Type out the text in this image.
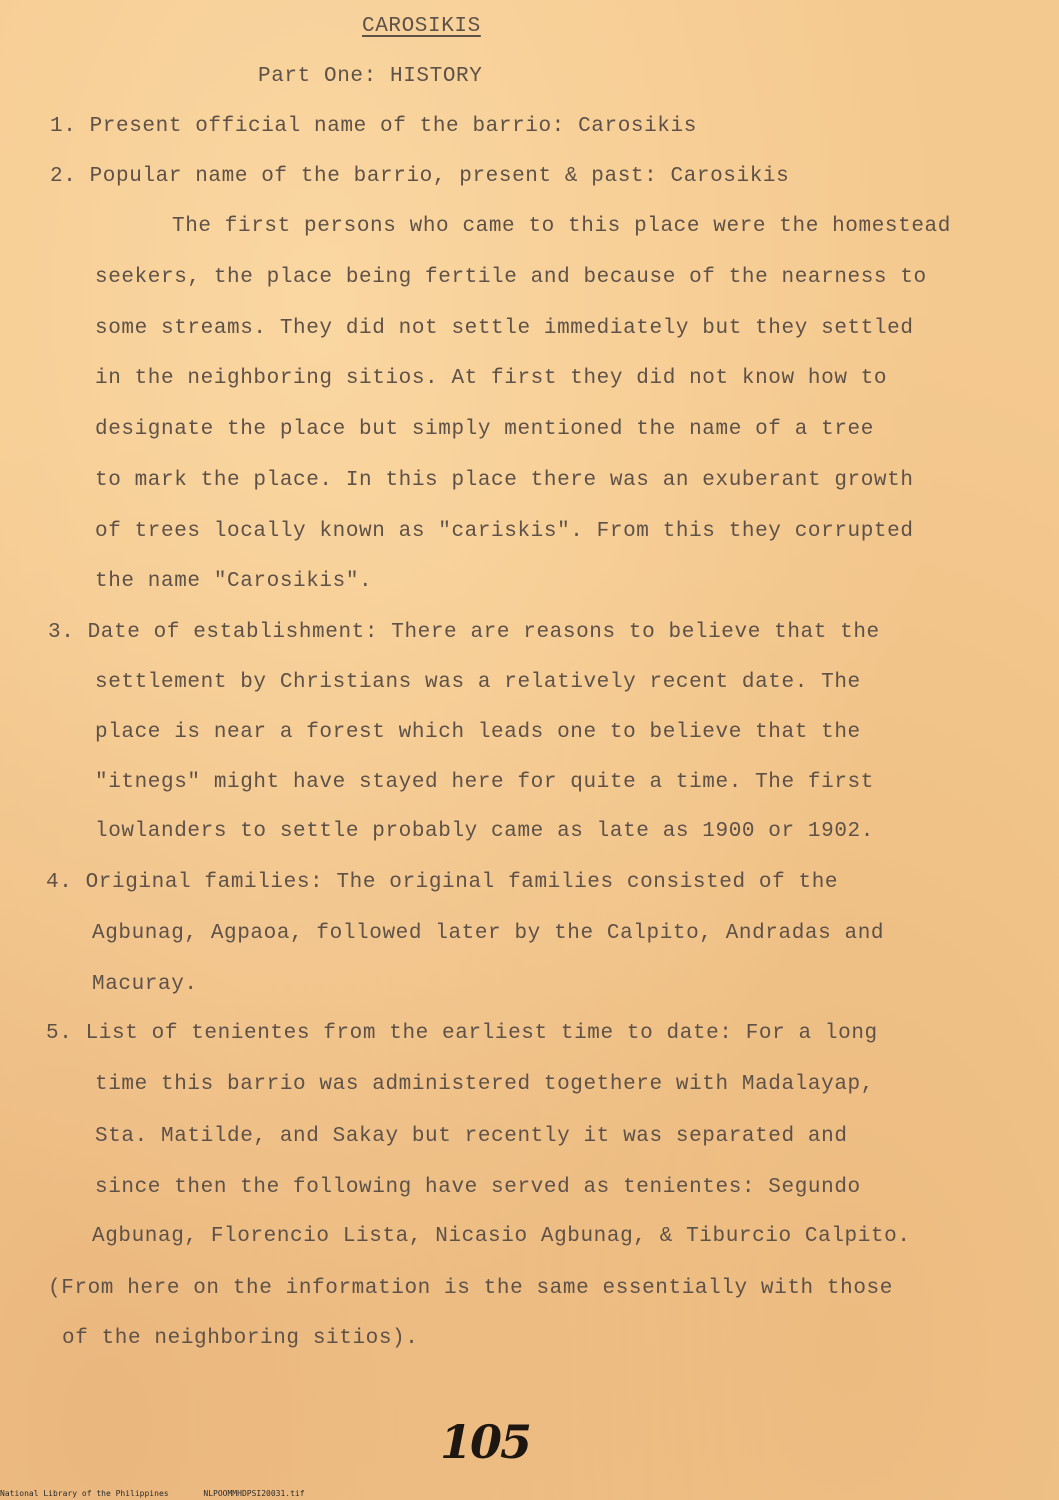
CAROSIKIS
Part One: HISTORY
1. Present official name of the barrio: Carosikis
2. Popular name of the barrio, present & past: Carosikis
The first persons who came to this place were the homestead
seekers, the place being fertile and because of the nearness to
some streams. They did not settle immediately but they settled
in the neighboring sitios. At first they did not know how to
designate the place but simply mentioned the name of a tree
to mark the place. In this place there was an exuberant growth
of trees locally known as "cariskis". From this they corrupted
the name "Carosikis".
3. Date of establishment: There are reasons to believe that the
settlement by Christians was a relatively recent date. The
place is near a forest which leads one to believe that the
"itnegs" might have stayed here for quite a time. The first
lowlanders to settle probably came as late as 1900 or 1902.
4. Original families: The original families consisted of the
Agbunag, Agpaoa, followed later by the Calpito, Andradas and
Macuray.
5. List of tenientes from the earliest time to date: For a long
time this barrio was administered togethere with Madalayap,
Sta. Matilde, and Sakay but recently it was separated and
since then the following have served as tenientes: Segundo
Agbunag, Florencio Lista, Nicasio Agbunag, & Tiburcio Calpito.
(From here on the information is the same essentially with those
of the neighboring sitios).
105
National Library of the Philippines	NLPOOMMHDPSI20031.tif
